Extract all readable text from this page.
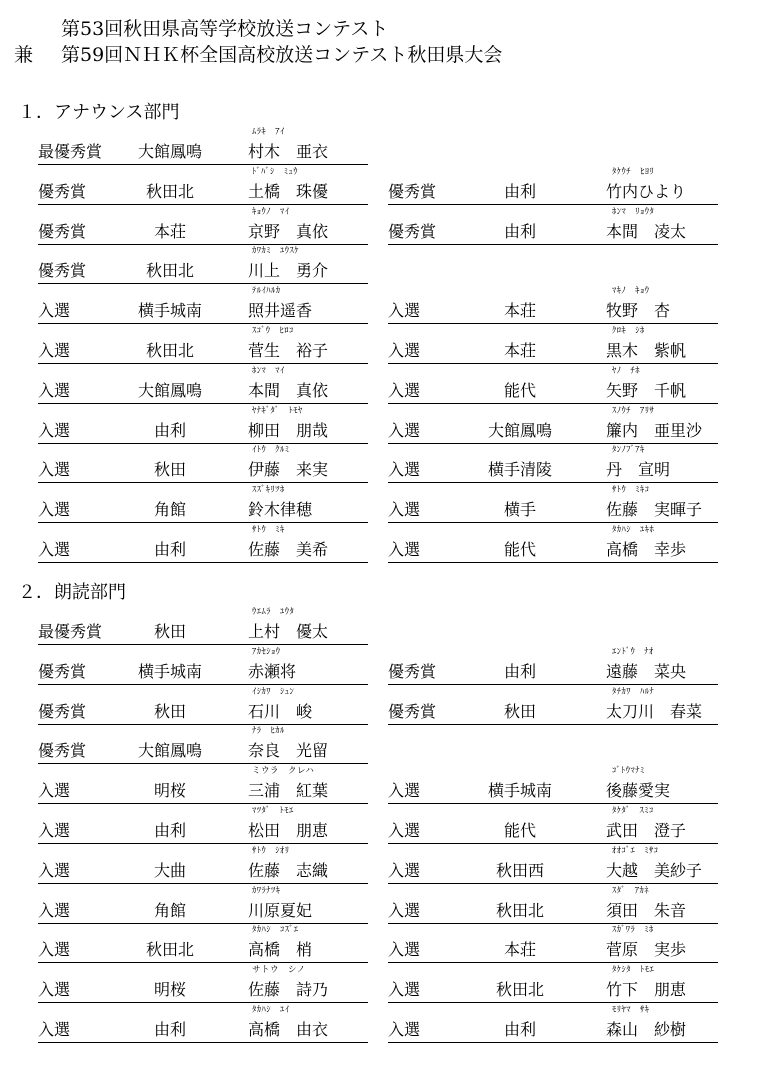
第53回秋田県高等学校放送コンテスト
兼 第59回ＮＨＫ杯全国高校放送コンテスト秋田県大会
１．アナウンス部門
ﾑﾗｷ　ｱｲ
最優秀賞	大館鳳鳴	村木　亜衣
ﾄﾞﾊﾞｼ　ﾐｭｳ
優秀賞	秋田北	土橋　珠優
ﾀｹｳﾁ　ﾋﾖﾘ
優秀賞	由利	竹内ひより
ｷｮｳﾉ　ﾏｲ
優秀賞	本荘	京野　真依
ﾎﾝﾏ　ﾘｮｳﾀ
優秀賞	由利	本間　凌太
ｶﾜｶﾐ　ﾕｳｽｹ
優秀賞	秋田北	川上　勇介
ﾃﾙｲﾊﾙｶ
入選	横手城南	照井遥香
ﾏｷﾉ　ｷｮｳ
入選	本荘	牧野　杏
ｽｺﾞｳ　ﾋﾛｺ
入選	秋田北	菅生　裕子
ｸﾛｷ　ｼﾎ
入選	本荘	黒木　紫帆
ﾎﾝﾏ　ﾏｲ
入選	大館鳳鳴	本間　真依
ﾔﾉ　ﾁﾎ
入選	能代	矢野　千帆
ﾔﾅｷﾞﾀﾞ　ﾄﾓﾔ
入選	由利	柳田　朋哉
ｽﾉｳﾁ　ｱﾘｻ
入選	大館鳳鳴	簾内　亜里沙
ｲﾄｳ　ｸﾙﾐ
入選	秋田	伊藤　来実
ﾀﾝﾉﾌﾞｱｷ
入選	横手清陵	丹　宣明
ｽｽﾞｷﾘﾂﾎ
入選	角館	鈴木律穂
ｻﾄｳ　ﾐｷｺ
入選	横手	佐藤　実暉子
ｻﾄｳ　ﾐｷ
入選	由利	佐藤　美希
ﾀｶﾊｼ　ﾕｷﾎ
入選	能代	高橋　幸歩
２．朗読部門
ｳｴﾑﾗ　ﾕｳﾀ
最優秀賞	秋田	上村　優太
ｱｶｾｼｮｳ
優秀賞	横手城南	赤瀬将
ｴﾝﾄﾞｳ　ﾅｵ
優秀賞	由利	遠藤　菜央
ｲｼｶﾜ　ｼｭﾝ
優秀賞	秋田	石川　峻
ﾀﾁｶﾜ　ﾊﾙﾅ
優秀賞	秋田	太刀川　春菜
ﾅﾗ　ﾋｶﾙ
優秀賞	大館鳳鳴	奈良　光留
ミウラ　クレハ
入選	明桜	三浦　紅葉
ｺﾞﾄｳﾏﾅﾐ
入選	横手城南	後藤愛実
ﾏﾂﾀﾞ　ﾄﾓｴ
入選	由利	松田　朋恵
ﾀｹﾀﾞ　ｽﾐｺ
入選	能代	武田　澄子
ｻﾄｳ　ｼｵﾘ
入選	大曲	佐藤　志織
ｵｵｺﾞｴ　ﾐｻｺ
入選	秋田西	大越　美紗子
ｶﾜﾗﾅﾂｷ
入選	角館	川原夏妃
ｽﾀﾞ　ｱｶﾈ
入選	秋田北	須田　朱音
ﾀｶﾊｼ　ｺｽﾞｴ
入選	秋田北	高橋　梢
ｽｶﾞﾜﾗ　ﾐﾎ
入選	本荘	菅原　実歩
サトウ　シノ
入選	明桜	佐藤　詩乃
ﾀｹｼﾀ　ﾄﾓｴ
入選	秋田北	竹下　朋恵
ﾀｶﾊｼ　ﾕｲ
入選	由利	高橋　由衣
ﾓﾘﾔﾏ　ｻｷ
入選	由利	森山　紗樹
